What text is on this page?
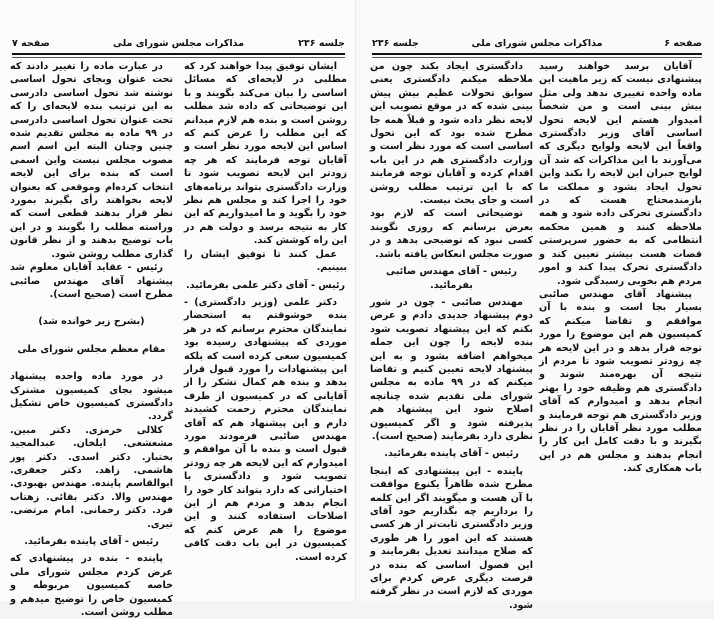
جلسه ۲۳۶
مذاکرات مجلس شورای ملی
صفحه ۷

ایشان توفیق پیدا خواهند کرد که مطلبی در لایحه‌ای که مسائل اساسی را بیان می‌کند بگویند و با این توضیحاتی که داده شد مطلب روشن است و بنده هم لازم میدانم که این مطلب را عرض کنم که اساس این لایحه مورد نظر است و آقایان توجه فرمایند که هر چه زودتر این لایحه تصویب شود تا وزارت دادگستری بتواند برنامه‌های خود را اجرا کند و مجلس هم نظر خود را بگوید و ما امیدواریم که این کار به نتیجه برسد و دولت هم در این راه کوشش کند.

عمل کنند تا توفیق ایشان را ببینیم.

رئیس - آقای دکتر علمی بفرمائید.

دکتر علمی (وزیر دادگستری) - بنده خوشوقتم به استحضار نمایندگان محترم برسانم که در هر موردی که پیشنهادی رسیده بود کمیسیون سعی کرده است که بلکه این پیشنهادات را مورد قبول قرار بدهد و بنده هم کمال تشکر را از آقایانی که در کمیسیون از طرف نمایندگان محترم زحمت کشیدند دارم و این پیشنهاد هم که آقای مهندس صائبی فرمودند مورد قبول است و بنده با آن موافقم و امیدوارم که این لایحه هر چه زودتر تصویب شود و دادگستری با اختیاراتی که دارد بتواند کار خود را انجام بدهد و مردم هم از این اصلاحات استفاده کنند و این موضوع را هم عرض کنم که کمیسیون در این باب دقت کافی کرده است.

در عبارت ماده را تغییر دادند که تحت عنوان وبجای تحول اساسی نوشته شد تحول اساسی دادرسی به این ترتیب بنده لایحه‌ای را که تحت عنوان تحول اساسی دادرسی در ۹۹ ماده به مجلس تقدیم شده چنین وچنان البته این اسم اسم مصوب مجلس نیست واین اسمی است که بنده برای این لایحه انتخاب کرده‌ام وموقعی که بعنوان لایحه بخواهند رأی بگیرند بمورد نظر قرار بدهند قطعی است که وراسته مطلب را بگویند و در این باب توضیح بدهند و از نظر قانون گذاری مطلب روشن شود.

رئیس - عقاید آقایان معلوم شد پیشنهاد آقای مهندس صائبی مطرح است (صحیح است).

(بشرح زیر خوانده شد)

مقام معظم مجلس شورای ملی

در مورد ماده واحده پیشنهاد میشود بجای کمیسیون مشترک دادگستری کمیسیون خاص تشکیل گردد.

کلالی خرمزی. دکتر مبین. مشعشعی. ایلخان. عبدالمجید بختیار. دکتر اسدی. دکتر پور هاشمی. زاهد. دکتر جعفری. ابوالقاسم پاینده. مهندس بهبودی. مهندس والا. دکتر بقائی. زهتاب فرد. دکتر رحمانی. امام مرتضی. تیری.

رئیس - آقای پاینده بفرمائید.

پاینده - بنده در پیشنهادی که عرض کردم مجلس شورای ملی خاصه کمیسیون مربوطه و کمیسیون خاص را توضیح میدهم و مطلب روشن است.

صفحه ۶
مذاکرات مجلس شورای ملی
جلسه ۲۳۶

آقایان برسد خواهند رسید پیشنهادی نیست که زیر ماهیت این ماده واحده تغییری ندهد ولی مثل بیش بینی است و من شخصاً امیدوار هستم این لایحه تحول اساسی آقای وزیر دادگستری واقعاً این لایحه ولوایح دیگری که می‌آورند با این مذاکرات که شد آن لوایح جبران این لایحه را بکند واین تحول ایجاد بشود و مملکت ما بازمندمحتاج هست که در دادگستری تحرکی داده شود و همه ملاحظه کنند و همین محکمه انتظامی که به حضور سرپرستی قضات هست بیشتر تعیین کند و دادگستری تحرک پیدا کند و امور مردم هم بخوبی رسیدگی شود.

پیشنهاد آقای مهندس صائبی بسیار بجا است و بنده با آن موافقم و تقاضا میکنم که کمیسیون هم این موضوع را مورد توجه قرار بدهد و در این لایحه هر چه زودتر تصویب شود تا مردم از نتیجه آن بهره‌مند شوند و دادگستری هم وظیفه خود را بهتر انجام بدهد و امیدوارم که آقای وزیر دادگستری هم توجه فرمایند و مطلب مورد نظر آقایان را در نظر بگیرند و با دقت کامل این کار را انجام بدهند و مجلس هم در این باب همکاری کند.

دادگستری ایجاد بکند چون من ملاحظه میکنم دادگستری یعنی سوابق تحولات عظیم بیش پیش بینی شده که در موقع تصویب این لایحه نظر داده شود و قبلاً همه جا مطرح شده بود که این تحول اساسی است که مورد نظر است و وزارت دادگستری هم در این باب اقدام کرده و آقایان توجه فرمایند که با این ترتیب مطلب روشن است و جای بحث نیست.

توضیحاتی است که لازم بود بعرض برسانم که روزی نگویند کسی نبود که توضیحی بدهد و در صورت مجلس انعکاس یافته باشد.

رئیس - آقای مهندس صائبی بفرمائید.

مهندس صائبی - چون در شور دوم پیشنهاد جدیدی دادم و عرض بکنم که این پیشنهاد تصویب شود بنده لایحه را چون این جمله میخواهم اضافه بشود و به این پیشنهاد لایحه تعیین کنیم و تقاضا میکنم که در ۹۹ ماده به مجلس شورای ملی تقدیم شده چنانچه اصلاح شود این پیشنهاد هم پذیرفته شود و اگر کمیسیون نظری دارد بفرمایند (صحیح است).

رئیس - آقای پاینده بفرمائید.

پاینده - این پیشنهادی که اینجا مطرح شده ظاهراً یکنوع موافقت با آن هست و میگویند اگر این کلمه را برداریم چه بگذاریم خود آقای وزیر دادگستری ثابت‌تر از هر کسی هستند که این امور را هر طوری که صلاح میدانند تعدیل بفرمایند و این فصول اساسی که بنده در فرصت دیگری عرض کردم برای موردی که لازم است در نظر گرفته شود.
